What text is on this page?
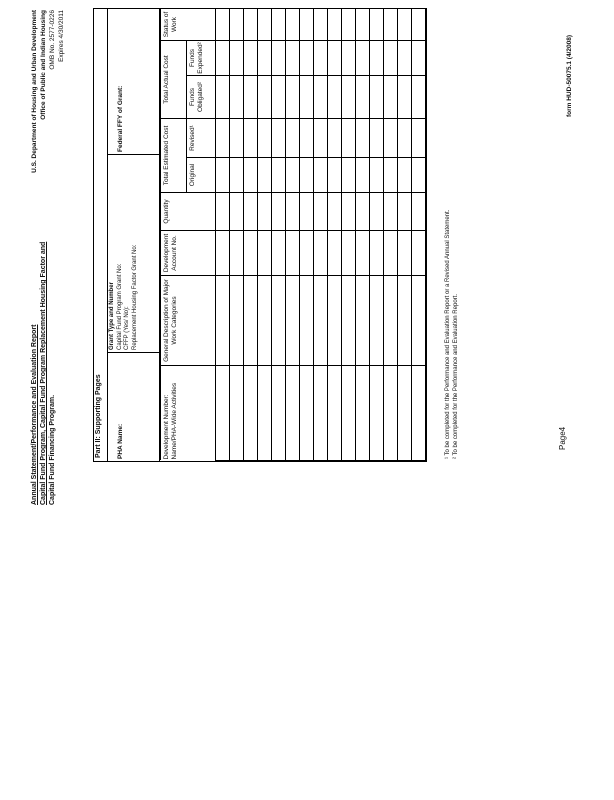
Annual Statement/Performance and Evaluation Report Capital Fund Program, Capital Fund Program Replacement Housing Factor and Capital Fund Financing Program.
U.S. Department of Housing and Urban Development Office of Public and Indian Housing OMB No. 2577-0226 Expires 4/30/2011
Part II: Supporting Pages	PHA Name:
Grant Type and Number Capital Fund Program Grant No: CFFP (Yes/ No): Replacement Housing Factor Grant No:
Federal FFY of Grant:
Development Number: Name/PHA-Wide Activities	General Description of Major Work Categories	Development Account No.	Quantity	Total Estimated Cost		Total Actual Cost		Status of Work
				Original	Revised¹	Funds Obligated²	Funds Expended²	

¹ To be completed for the Performance and Evaluation Report or a Revised Annual Statement. ² To be completed for the Performance and Evaluation Report.	Page4
form HUD-50075.1 (4/2008)
